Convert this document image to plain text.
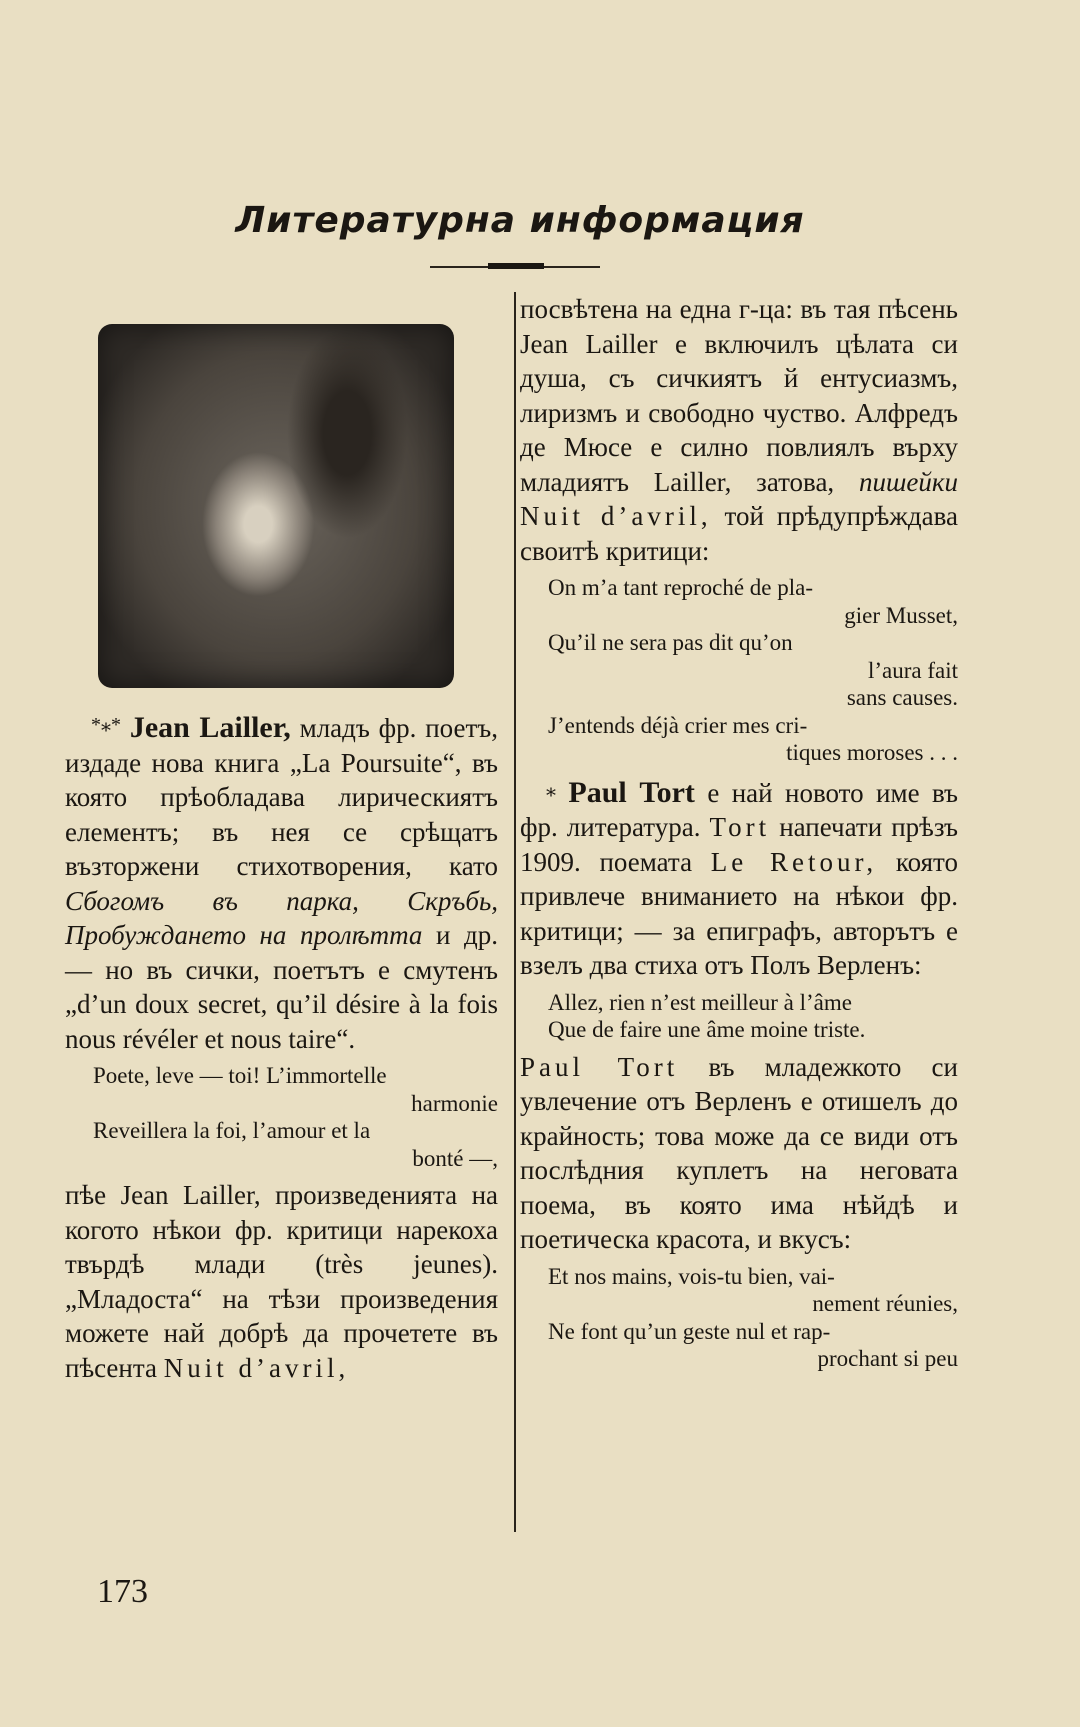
Литературна информация

*⁎* Jean Lailler, младъ фр. поетъ, издаде нова книга „La Poursuite“, въ която прѣобладава лирическиятъ елементъ; въ нея се срѣщатъ възторжени стихотворения, като Сбогомъ въ парка, Скръбь, Пробуждането на пролѣтта и др. — но въ сички, поетътъ е смутенъ „d’un doux secret, qu’il désire à la fois nous révéler et nous taire“.

Poete, leve — toi! L’immortelle
harmonie
Reveillera la foi, l’amour et la
bonté —,

пѣе Jean Lailler, произведенията на когото нѣкои фр. критици нарекоха твърдѣ млади (très jeunes). „Младоста“ на тѣзи произведения можете най добрѣ да прочетете въ пѣсента Nuit d’avril,

посвѣтена на една г-ца: въ тая пѣсень Jean Lailler е включилъ цѣлата си душа, съ сичкиятъ й ентусиазмъ, лиризмъ и свободно чуство. Алфредъ де Мюсе е силно повлиялъ върху младиятъ Lailler, затова, пишейки Nuit d’avril, той прѣдупрѣждава своитѣ критици:

On m’a tant reproché de pla-
gier Musset,
Qu’il ne sera pas dit qu’on
l’aura fait
sans causes.
J’entends déjà crier mes cri-
tiques moroses . . .

⁎ Paul Tort е най новото име въ фр. литература. Tort напечати прѣзъ 1909. поемата Le Retour, която привлече вниманието на нѣкои фр. критици; — за епиграфъ, авторътъ е взелъ два стиха отъ Полъ Верленъ:

Allez, rien n’est meilleur à l’âme
Que de faire une âme moine triste.

Paul Tort въ младежкото си увлечение отъ Верленъ е отишелъ до крайность; това може да се види отъ послѣдния куплетъ на неговата поема, въ която има нѣйдѣ и поетическа красота, и вкусъ:

Et nos mains, vois-tu bien, vai-
nement réunies,
Ne font qu’un geste nul et rap-
prochant si peu
173
